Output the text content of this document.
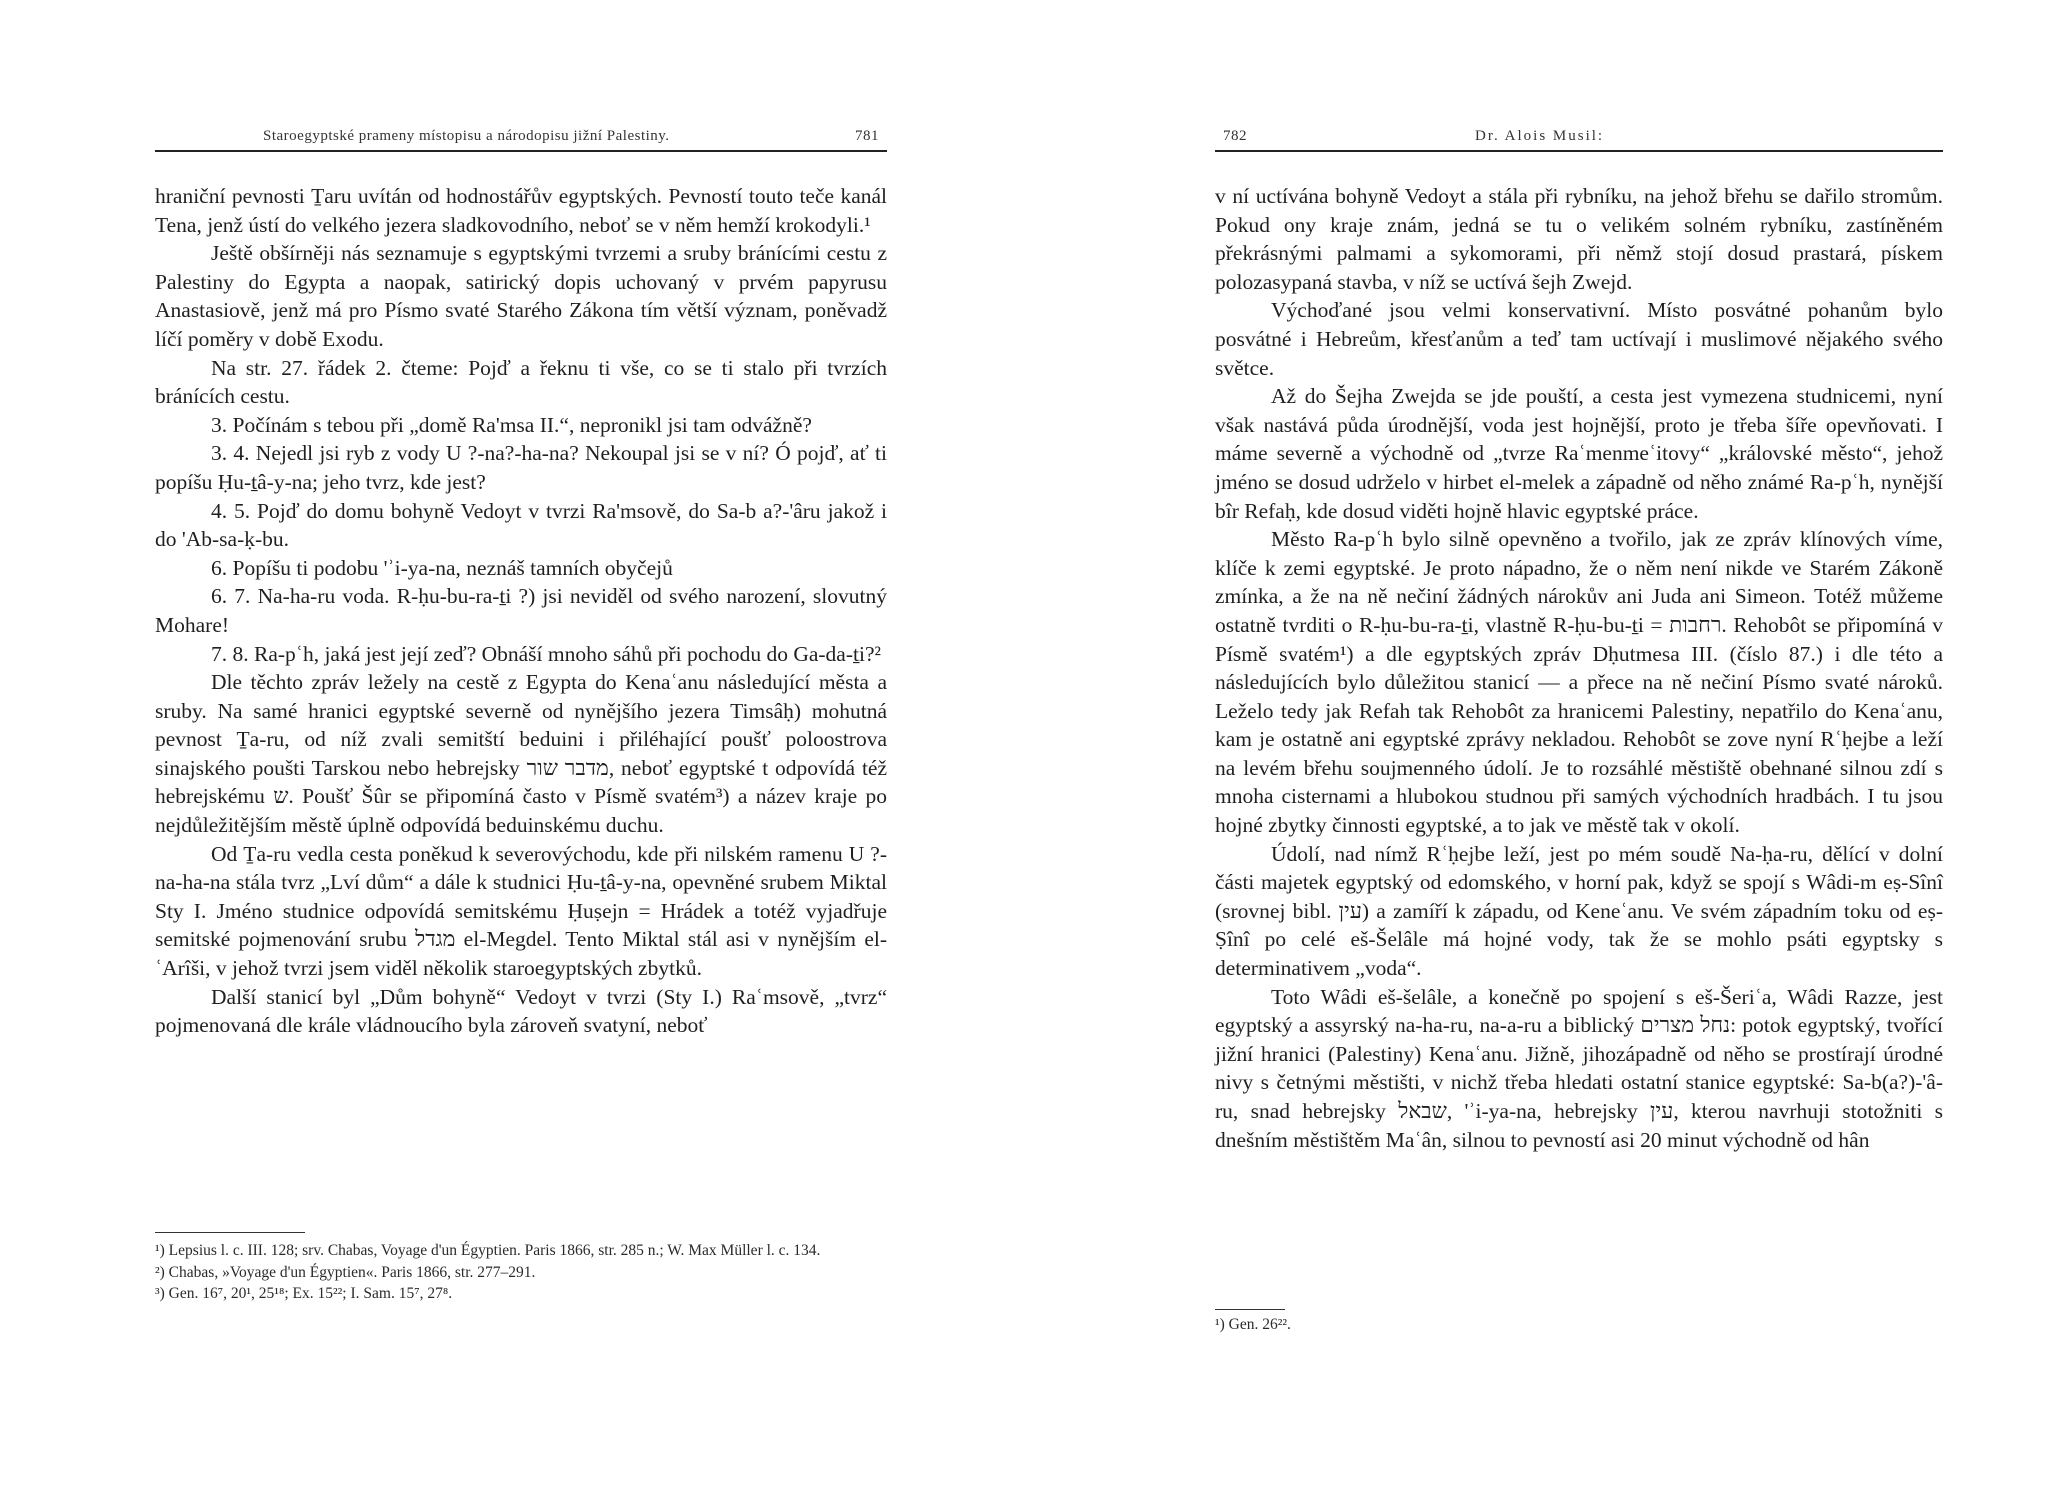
Staroegyptské prameny místopisu a národopisu jižní Palestiny.	781

hraniční pevnosti Ṯaru uvítán od hodnostářův egyptských. Pevností touto teče kanál Tena, jenž ústí do velkého jezera sladkovodního, neboť se v něm hemží krokodyli.¹

Ještě obšírněji nás seznamuje s egyptskými tvrzemi a sruby bránícími cestu z Palestiny do Egypta a naopak, satirický dopis uchovaný v prvém papyrusu Anastasiově, jenž má pro Písmo svaté Starého Zákona tím větší význam, poněvadž líčí poměry v době Exodu.

Na str. 27. řádek 2. čteme: Pojď a řeknu ti vše, co se ti stalo při tvrzích bránících cestu.

3. Počínám s tebou při „domě Ra'msa II.“, nepronikl jsi tam odvážně?

3. 4. Nejedl jsi ryb z vody U ?-na?-ha-na? Nekoupal jsi se v ní? Ó pojď, ať ti popíšu Ḥu-ṯâ-y-na; jeho tvrz, kde jest?

4. 5. Pojď do domu bohyně Vedoyt v tvrzi Ra'msově, do Sa-b a?-'âru jakož i do 'Ab-sa-ḳ-bu.

6. Popíšu ti podobu 'ʾi-ya-na, neznáš tamních obyčejů

6. 7. Na-ha-ru voda. R-ḥu-bu-ra-ṯi ?) jsi neviděl od svého narození, slovutný Mohare!

7. 8. Ra-pʿh, jaká jest její zeď? Obnáší mnoho sáhů při pochodu do Ga-da-ṯi?²

Dle těchto zpráv ležely na cestě z Egypta do Kenaʿanu následující města a sruby. Na samé hranici egyptské severně od nynějšího jezera Timsâḥ) mohutná pevnost Ṯa-ru, od níž zvali semitští beduini i přiléhající poušť poloostrova sinajského poušti Tarskou nebo hebrejsky מדבר שור, neboť egyptské t odpovídá též hebrejskému ש. Poušť Šûr se připomíná často v Písmě svatém³) a název kraje po nejdůležitějším městě úplně odpovídá beduinskému duchu.

Od Ṯa-ru vedla cesta poněkud k severovýchodu, kde při nilském ramenu U ?-na-ha-na stála tvrz „Lví dům“ a dále k studnici Ḥu-ṯâ-y-na, opevněné srubem Miktal Sty I. Jméno studnice odpovídá semitskému Ḥuṣejn = Hrádek a totéž vyjadřuje semitské pojmenování srubu מגדל el-Megdel. Tento Miktal stál asi v nynějším el-ʿArîši, v jehož tvrzi jsem viděl několik staroegyptských zbytků.

Další stanicí byl „Dům bohyně“ Vedoyt v tvrzi (Sty I.) Raʿmsově, „tvrz“ pojmenovaná dle krále vládnoucího byla zároveň svatyní, neboť

¹) Lepsius l. c. III. 128; srv. Chabas, Voyage d'un Égyptien. Paris 1866, str. 285 n.; W. Max Müller l. c. 134.

²) Chabas, »Voyage d'un Égyptien«. Paris 1866, str. 277–291.

³) Gen. 16⁷, 20¹, 25¹⁸; Ex. 15²²; I. Sam. 15⁷, 27⁸.

782	Dr. Alois Musil:

v ní uctívána bohyně Vedoyt a stála při rybníku, na jehož břehu se dařilo stromům. Pokud ony kraje znám, jedná se tu o velikém solném rybníku, zastíněném překrásnými palmami a sykomorami, při němž stojí dosud prastará, pískem polozasypaná stavba, v níž se uctívá šejh Zwejd.

Výchoďané jsou velmi konservativní. Místo posvátné pohanům bylo posvátné i Hebreům, křesťanům a teď tam uctívají i muslimové nějakého svého světce.

Až do Šejha Zwejda se jde pouští, a cesta jest vymezena studnicemi, nyní však nastává půda úrodnější, voda jest hojnější, proto je třeba šíře opevňovati. I máme severně a východně od „tvrze Raʿmenmeʿitovy“ „královské město“, jehož jméno se dosud udrželo v hirbet el-melek a západně od něho známé Ra-pʿh, nynější bîr Refaḥ, kde dosud viděti hojně hlavic egyptské práce.

Město Ra-pʿh bylo silně opevněno a tvořilo, jak ze zpráv klínových víme, klíče k zemi egyptské. Je proto nápadno, že o něm není nikde ve Starém Zákoně zmínka, a že na ně nečiní žádných nárokův ani Juda ani Simeon. Totéž můžeme ostatně tvrditi o R-ḥu-bu-ra-ṯi, vlastně R-ḥu-bu-ṯi = רחבות. Rehobôt se připomíná v Písmě svatém¹) a dle egyptských zpráv Dḥutmesa III. (číslo 87.) i dle této a následujících bylo důležitou stanicí — a přece na ně nečiní Písmo svaté nároků. Leželo tedy jak Refah tak Rehobôt za hranicemi Palestiny, nepatřilo do Kenaʿanu, kam je ostatně ani egyptské zprávy nekladou. Rehobôt se zove nyní Rʿḥejbe a leží na levém břehu soujmenného údolí. Je to rozsáhlé městiště obehnané silnou zdí s mnoha cisternami a hlubokou studnou při samých východních hradbách. I tu jsou hojné zbytky činnosti egyptské, a to jak ve městě tak v okolí.

Údolí, nad nímž Rʿḥejbe leží, jest po mém soudě Na-ḥa-ru, dělící v dolní části majetek egyptský od edomského, v horní pak, když se spojí s Wâdi-m eṣ-Sînî (srovnej bibl. עין) a zamíří k západu, od Keneʿanu. Ve svém západním toku od eṣ-Ṣînî po celé eš-Šelâle má hojné vody, tak že se mohlo psáti egyptsky s determinativem „voda“.

Toto Wâdi eš-šelâle, a konečně po spojení s eš-Šeriʿa, Wâdi Razze, jest egyptský a assyrský na-ha-ru, na-a-ru a biblický נחל מצרים: potok egyptský, tvořící jižní hranici (Palestiny) Kenaʿanu. Jižně, jihozápadně od něho se prostírají úrodné nivy s četnými městišti, v nichž třeba hledati ostatní stanice egyptské: Sa-b(a?)-'â-ru, snad hebrejsky שבאל, 'ʾi-ya-na, hebrejsky עין, kterou navrhuji stotožniti s dnešním městištěm Maʿân, silnou to pevností asi 20 minut východně od hân

¹) Gen. 26²².
